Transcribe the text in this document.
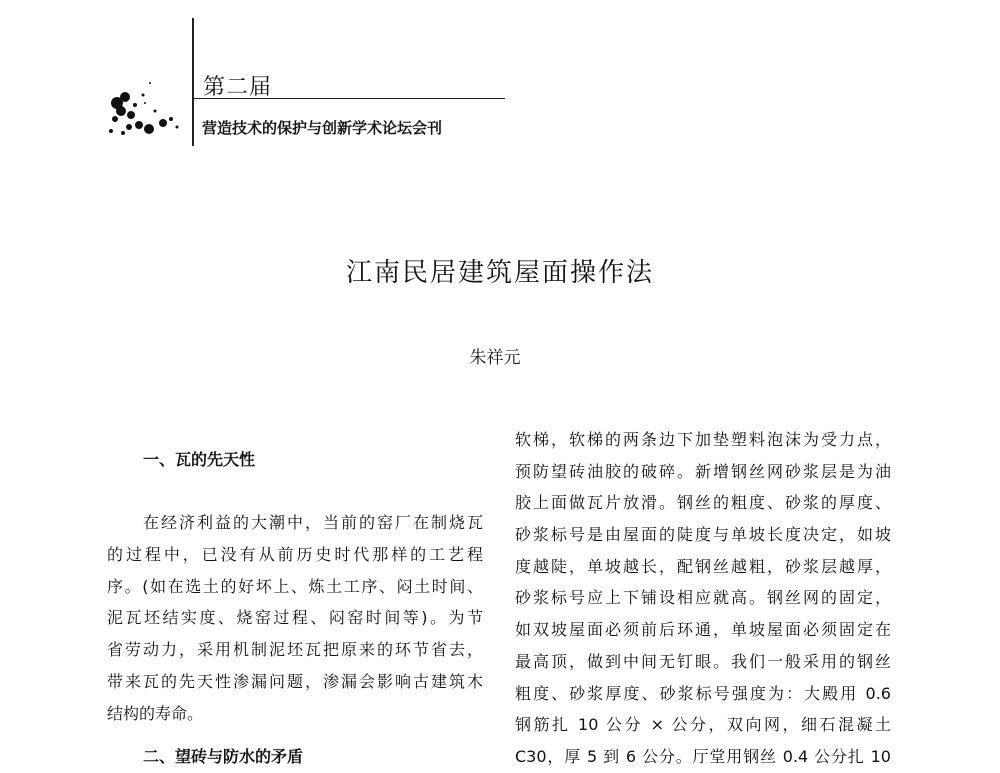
第二届
营造技术的保护与创新学术论坛会刊
江南民居建筑屋面操作法
朱祥元
一、瓦的先天性
在经济利益的大潮中，当前的窑厂在制烧瓦
的过程中，已没有从前历史时代那样的工艺程
序。(如在选土的好坏上、炼土工序、闷土时间、
泥瓦坯结实度、烧窑过程、闷窑时间等)。为节
省劳动力，采用机制泥坯瓦把原来的环节省去，
带来瓦的先天性渗漏问题，渗漏会影响古建筑木
结构的寿命。
二、望砖与防水的矛盾
软梯，软梯的两条边下加垫塑料泡沫为受力点，
预防望砖油胶的破碎。新增钢丝网砂浆层是为油
胶上面做瓦片放滑。钢丝的粗度、砂浆的厚度、
砂浆标号是由屋面的陡度与单坡长度决定，如坡
度越陡，单坡越长，配钢丝越粗，砂浆层越厚，
砂浆标号应上下铺设相应就高。钢丝网的固定，
如双坡屋面必须前后环通，单坡屋面必须固定在
最高顶，做到中间无钉眼。我们一般采用的钢丝
粗度、砂浆厚度、砂浆标号强度为：大殿用 0.6
钢筋扎 10 公分 × 公分，双向网，细石混凝土
C30，厚 5 到 6 公分。厅堂用钢丝 0.4 公分扎 10
